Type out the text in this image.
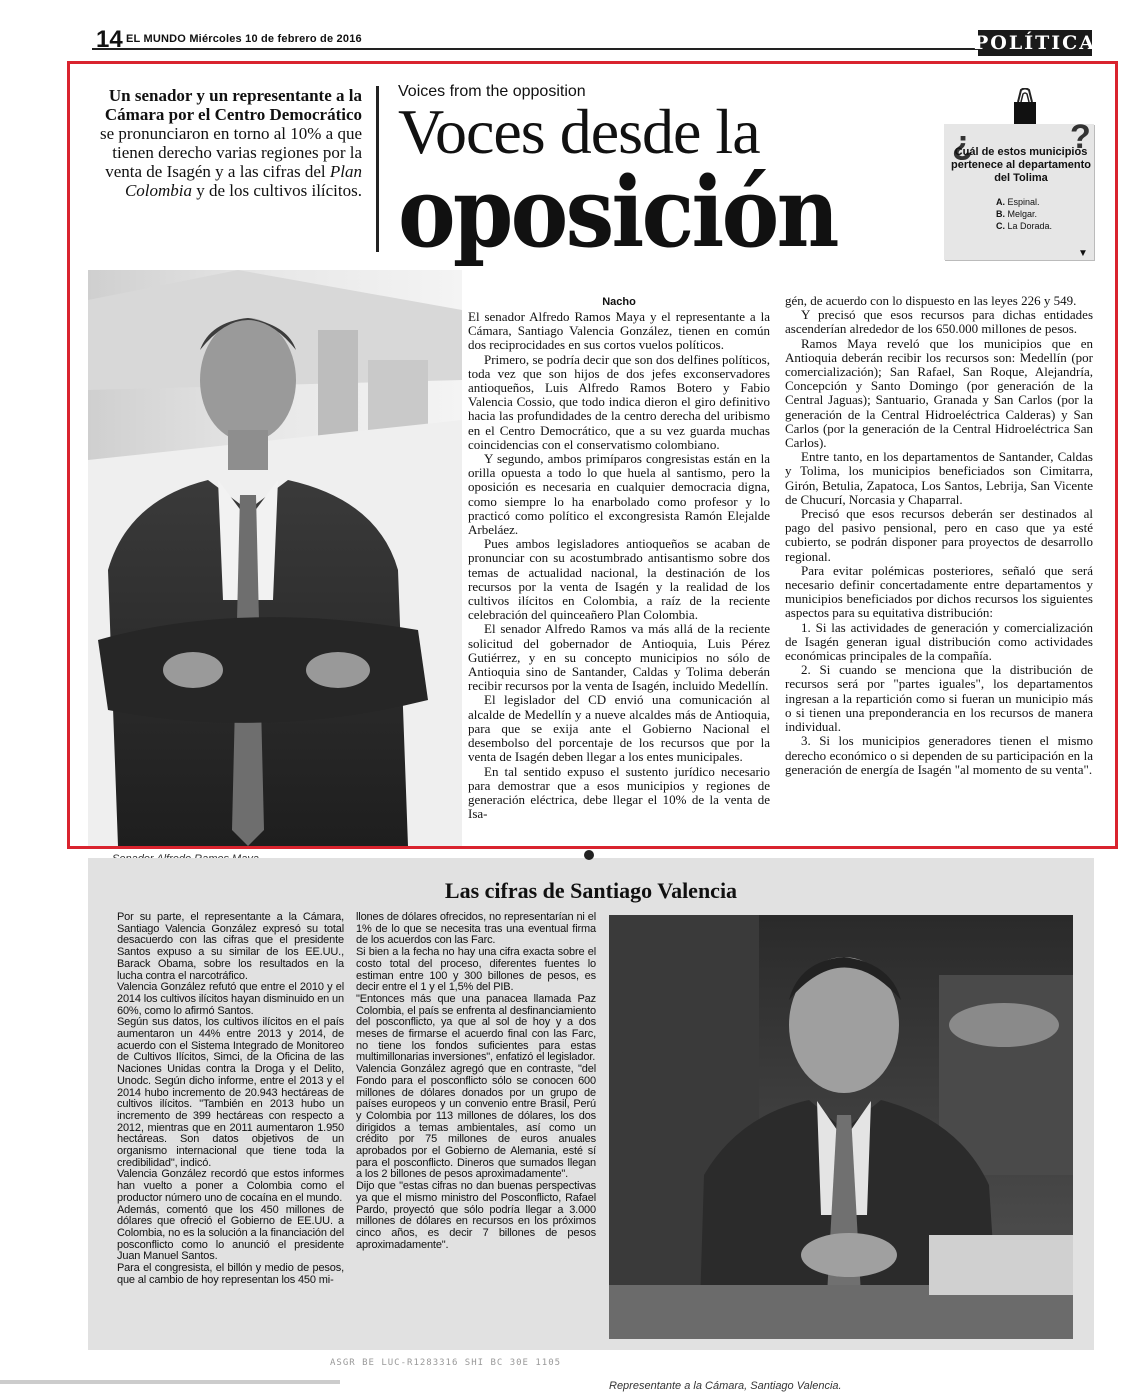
14 EL MUNDO Miércoles 10 de febrero de 2016	POLÍTICA
Un senador y un representante a la Cámara por el Centro Democrático se pronunciaron en torno al 10% a que tienen derecho varias regiones por la venta de Isagén y a las cifras del Plan Colombia y de los cultivos ilícitos.
Voices from the opposition
Voces desde la
oposición
¿	?
Cuál de estos municipios pertenece al departamento del Tolima
A. Espinal.
B. Melgar.
C. La Dorada.
▼
Nacho

El senador Alfredo Ramos Maya y el representante a la Cámara, Santiago Valencia González, tienen en común dos reciprocidades en sus cortos vuelos políticos.

Primero, se podría decir que son dos delfines políticos, toda vez que son hijos de dos jefes exconservadores antioqueños, Luis Alfredo Ramos Botero y Fabio Valencia Cossio, que todo indica dieron el giro definitivo hacia las profundidades de la centro derecha del uribismo en el Centro Democrático, que a su vez guarda muchas coincidencias con el conservatismo colombiano.

Y segundo, ambos primíparos congresistas están en la orilla opuesta a todo lo que huela al santismo, pero la oposición es necesaria en cualquier democracia digna, como siempre lo ha enarbolado como profesor y lo practicó como político el excongresista Ramón Elejalde Arbeláez.

Pues ambos legisladores antioqueños se acaban de pronunciar con su acostumbrado antisantismo sobre dos temas de actualidad nacional, la destinación de los recursos por la venta de Isagén y la realidad de los cultivos ilícitos en Colombia, a raíz de la reciente celebración del quinceañero Plan Colombia.

El senador Alfredo Ramos va más allá de la reciente solicitud del gobernador de Antioquia, Luis Pérez Gutiérrez, y en su concepto municipios no sólo de Antioquia sino de Santander, Caldas y Tolima deberán recibir recursos por la venta de Isagén, incluido Medellín.

El legislador del CD envió una comunicación al alcalde de Medellín y a nueve alcaldes más de Antioquia, para que se exija ante el Gobierno Nacional el desembolso del porcentaje de los recursos que por la venta de Isagén deben llegar a los entes municipales.

En tal sentido expuso el sustento jurídico necesario para demostrar que a esos municipios y regiones de generación eléctrica, debe llegar el 10% de la venta de Isa-

gén, de acuerdo con lo dispuesto en las leyes 226 y 549.

Y precisó que esos recursos para dichas entidades ascenderían alrededor de los 650.000 millones de pesos.

Ramos Maya reveló que los municipios que en Antioquia deberán recibir los recursos son: Medellín (por comercialización); San Rafael, San Roque, Alejandría, Concepción y Santo Domingo (por generación de la Central Jaguas); Santuario, Granada y San Carlos (por la generación de la Central Hidroeléctrica Calderas) y San Carlos (por la generación de la Central Hidroeléctrica San Carlos).

Entre tanto, en los departamentos de Santander, Caldas y Tolima, los municipios beneficiados son Cimitarra, Girón, Betulia, Zapatoca, Los Santos, Lebrija, San Vicente de Chucurí, Norcasia y Chaparral.

Precisó que esos recursos deberán ser destinados al pago del pasivo pensional, pero en caso que ya esté cubierto, se podrán disponer para proyectos de desarrollo regional.

Para evitar polémicas posteriores, señaló que será necesario definir concertadamente entre departamentos y municipios beneficiados por dichos recursos los siguientes aspectos para su equitativa distribución:

1. Si las actividades de generación y comercialización de Isagén generan igual distribución como actividades económicas principales de la compañía.

2. Si cuando se menciona que la distribución de recursos será por "partes iguales", los departamentos ingresan a la repartición como si fueran un municipio más o si tienen una preponderancia en los recursos de manera individual.

3. Si los municipios generadores tienen el mismo derecho económico o si dependen de su participación en la generación de energía de Isagén "al momento de su venta".

Las cifras de Santiago Valencia

Por su parte, el representante a la Cámara, Santiago Valencia González expresó su total desacuerdo con las cifras que el presidente Santos expuso a su similar de los EE.UU., Barack Obama, sobre los resultados en la lucha contra el narcotráfico.

Valencia González refutó que entre el 2010 y el 2014 los cultivos ilícitos hayan disminuido en un 60%, como lo afirmó Santos.

Según sus datos, los cultivos ilícitos en el país aumentaron un 44% entre 2013 y 2014, de acuerdo con el Sistema Integrado de Monitoreo de Cultivos Ilícitos, Simci, de la Oficina de las Naciones Unidas contra la Droga y el Delito, Unodc. Según dicho informe, entre el 2013 y el 2014 hubo incremento de 20.943 hectáreas de cultivos ilícitos. "También en 2013 hubo un incremento de 399 hectáreas con respecto a 2012, mientras que en 2011 aumentaron 1.950 hectáreas. Son datos objetivos de un organismo internacional que tiene toda la credibilidad", indicó.

Valencia González recordó que estos informes han vuelto a poner a Colombia como el productor número uno de cocaína en el mundo.

Además, comentó que los 450 millones de dólares que ofreció el Gobierno de EE.UU. a Colombia, no es la solución a la financiación del posconflicto como lo anunció el presidente Juan Manuel Santos.

Para el congresista, el billón y medio de pesos, que al cambio de hoy representan los 450 mi-

llones de dólares ofrecidos, no representarían ni el 1% de lo que se necesita tras una eventual firma de los acuerdos con las Farc.

Si bien a la fecha no hay una cifra exacta sobre el costo total del proceso, diferentes fuentes lo estiman entre 100 y 300 billones de pesos, es decir entre el 1 y el 1,5% del PIB.

"Entonces más que una panacea llamada Paz Colombia, el país se enfrenta al desfinanciamiento del posconflicto, ya que al sol de hoy y a dos meses de firmarse el acuerdo final con las Farc, no tiene los fondos suficientes para estas multimillonarias inversiones", enfatizó el legislador.

Valencia González agregó que en contraste, "del Fondo para el posconflicto sólo se conocen 600 millones de dólares donados por un grupo de países europeos y un convenio entre Brasil, Perú y Colombia por 113 millones de dólares, los dos dirigidos a temas ambientales, así como un crédito por 75 millones de euros anuales aprobados por el Gobierno de Alemania, esté sí para el posconflicto. Dineros que sumados llegan a los 2 billones de pesos aproximadamente".

Dijo que "estas cifras no dan buenas perspectivas ya que el mismo ministro del Posconflicto, Rafael Pardo, proyectó que sólo podría llegar a 3.000 millones de dólares en recursos en los próximos cinco años, es decir 7 billones de pesos aproximadamente".

Representante a la Cámara, Santiago Valencia.
ASGR BE LUC-R1283316 SHI BC 30E 1105
